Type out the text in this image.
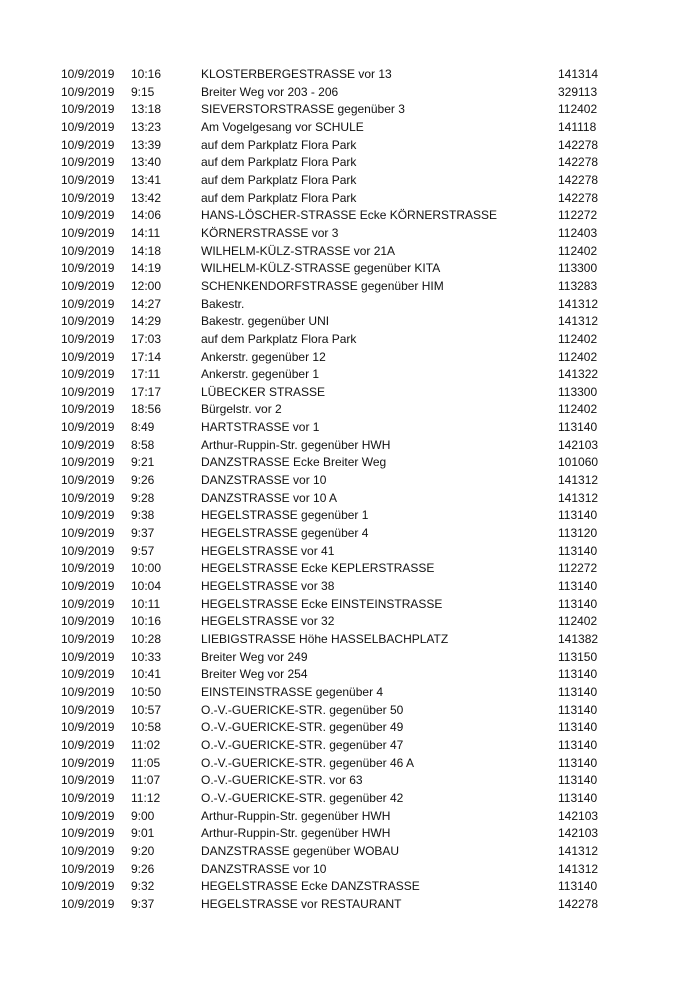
10/9/2019	10:16	KLOSTERBERGESTRASSE vor 13	141314
10/9/2019	9:15	Breiter Weg vor 203 - 206	329113
10/9/2019	13:18	SIEVERSTORSTRASSE gegenüber 3	112402
10/9/2019	13:23	Am Vogelgesang vor SCHULE	141118
10/9/2019	13:39	auf dem Parkplatz Flora Park	142278
10/9/2019	13:40	auf dem Parkplatz Flora Park	142278
10/9/2019	13:41	auf dem Parkplatz Flora Park	142278
10/9/2019	13:42	auf dem Parkplatz Flora Park	142278
10/9/2019	14:06	HANS-LÖSCHER-STRASSE Ecke KÖRNERSTRASSE	112272
10/9/2019	14:11	KÖRNERSTRASSE vor 3	112403
10/9/2019	14:18	WILHELM-KÜLZ-STRASSE vor 21A	112402
10/9/2019	14:19	WILHELM-KÜLZ-STRASSE gegenüber KITA	113300
10/9/2019	12:00	SCHENKENDORFSTRASSE gegenüber HIM	113283
10/9/2019	14:27	Bakestr.	141312
10/9/2019	14:29	Bakestr. gegenüber UNI	141312
10/9/2019	17:03	auf dem Parkplatz Flora Park	112402
10/9/2019	17:14	Ankerstr. gegenüber 12	112402
10/9/2019	17:11	Ankerstr. gegenüber 1	141322
10/9/2019	17:17	LÜBECKER STRASSE	113300
10/9/2019	18:56	Bürgelstr. vor 2	112402
10/9/2019	8:49	HARTSTRASSE vor 1	113140
10/9/2019	8:58	Arthur-Ruppin-Str. gegenüber HWH	142103
10/9/2019	9:21	DANZSTRASSE Ecke Breiter Weg	101060
10/9/2019	9:26	DANZSTRASSE vor 10	141312
10/9/2019	9:28	DANZSTRASSE vor 10 A	141312
10/9/2019	9:38	HEGELSTRASSE gegenüber 1	113140
10/9/2019	9:37	HEGELSTRASSE gegenüber 4	113120
10/9/2019	9:57	HEGELSTRASSE vor 41	113140
10/9/2019	10:00	HEGELSTRASSE Ecke KEPLERSTRASSE	112272
10/9/2019	10:04	HEGELSTRASSE vor 38	113140
10/9/2019	10:11	HEGELSTRASSE Ecke EINSTEINSTRASSE	113140
10/9/2019	10:16	HEGELSTRASSE vor 32	112402
10/9/2019	10:28	LIEBIGSTRASSE Höhe HASSELBACHPLATZ	141382
10/9/2019	10:33	Breiter Weg vor 249	113150
10/9/2019	10:41	Breiter Weg vor 254	113140
10/9/2019	10:50	EINSTEINSTRASSE gegenüber 4	113140
10/9/2019	10:57	O.-V.-GUERICKE-STR. gegenüber 50	113140
10/9/2019	10:58	O.-V.-GUERICKE-STR. gegenüber 49	113140
10/9/2019	11:02	O.-V.-GUERICKE-STR. gegenüber 47	113140
10/9/2019	11:05	O.-V.-GUERICKE-STR. gegenüber 46 A	113140
10/9/2019	11:07	O.-V.-GUERICKE-STR. vor 63	113140
10/9/2019	11:12	O.-V.-GUERICKE-STR. gegenüber 42	113140
10/9/2019	9:00	Arthur-Ruppin-Str. gegenüber HWH	142103
10/9/2019	9:01	Arthur-Ruppin-Str. gegenüber HWH	142103
10/9/2019	9:20	DANZSTRASSE gegenüber WOBAU	141312
10/9/2019	9:26	DANZSTRASSE vor 10	141312
10/9/2019	9:32	HEGELSTRASSE Ecke DANZSTRASSE	113140
10/9/2019	9:37	HEGELSTRASSE vor RESTAURANT	142278
